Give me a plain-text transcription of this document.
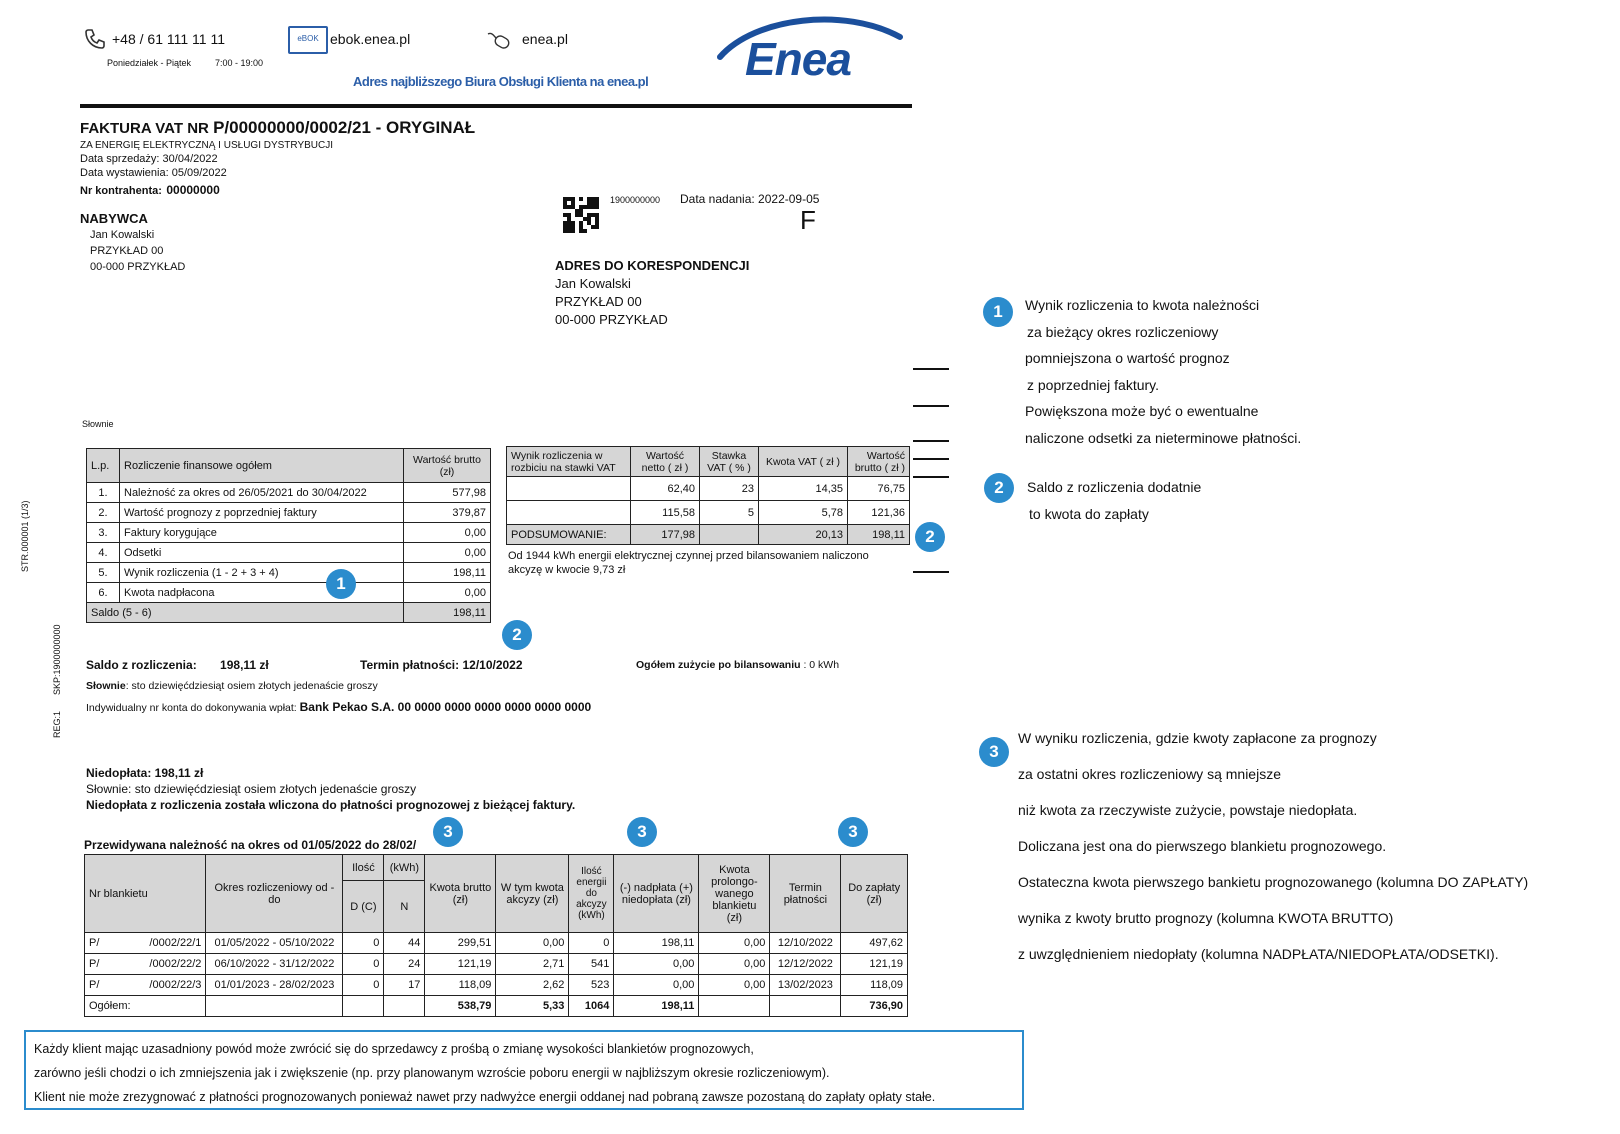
+48 / 61 111 11 11
Poniedziałek - Piątek	7:00 - 19:00
eBOK ebok.enea.pl	enea.pl	Enea
Adres najbliższego Biura Obsługi Klienta na enea.pl
FAKTURA VAT NR P/00000000/0002/21 - ORYGINAŁ
ZA ENERGIĘ ELEKTRYCZNĄ I USŁUGI DYSTRYBUCJI
Data sprzedaży: 30/04/2022
Data wystawienia: 05/09/2022
Nr kontrahenta: 00000000
1900000000 Data nadania: 2022-09-05
F
NABYWCA
Jan Kowalski
PRZYKŁAD 00
00-000 PRZYKŁAD	ADRES DO KORESPONDENCJI
Jan Kowalski
PRZYKŁAD 00
00-000 PRZYKŁAD
Słownie
L.p.	Rozliczenie finansowe ogółem	Wartość brutto (zł)
1.	Należność za okres od 26/05/2021 do 30/04/2022	577,98
2.	Wartość prognozy z poprzedniej faktury	379,87
3.	Faktury korygujące	0,00
4.	Odsetki	0,00
5.	Wynik rozliczenia (1 - 2 + 3 + 4)	198,11
6.	Kwota nadpłacona	0,00
Saldo (5 - 6)		198,11
1
2
Wynik rozliczenia w rozbiciu na stawki VAT	Wartość netto ( zł )	Stawka VAT ( % )	Kwota VAT ( zł )	Wartość brutto ( zł )
	62,40	23	14,35	76,75
	115,58	5	5,78	121,36
PODSUMOWANIE:	177,98		20,13	198,11
Od 1944 kWh energii elektrycznej czynnej przed bilansowaniem naliczono akcyzę w kwocie 9,73 zł
2
STR.000001 (1/3)
SKP:1900000000
REG:1
Saldo z rozliczenia: 198,11 zł	Termin płatności: 12/10/2022	Ogółem zużycie po bilansowaniu : 0 kWh
Słownie: sto dziewięćdziesiąt osiem złotych jedenaście groszy
Indywidualny nr konta do dokonywania wpłat: Bank Pekao S.A. 00 0000 0000 0000 0000 0000 0000
Niedopłata: 198,11 zł
Słownie: sto dziewięćdziesiąt osiem złotych jedenaście groszy
Niedopłata z rozliczenia została wliczona do płatności prognozowej z bieżącej faktury.
Przewidywana należność na okres od 01/05/2022 do 28/02/
3	3	3
Nr blankietu	Okres rozliczeniowy od - do	Ilość	(kWh)	Kwota brutto (zł)	W tym kwota akcyzy (zł)	Ilość energii do akcyzy (kWh)	(-) nadpłata (+) niedopłata (zł)	Kwota prolongo-wanego blankietu (zł)	Termin płatności	Do zapłaty (zł)
		D (C)	N							
P/ /0002/22/1	01/05/2022 - 05/10/2022	0	44	299,51	0,00	0	198,11	0,00	12/10/2022	497,62
P/ /0002/22/2	06/10/2022 - 31/12/2022	0	24	121,19	2,71	541	0,00	0,00	12/12/2022	121,19
P/ /0002/22/3	01/01/2023 - 28/02/2023	0	17	118,09	2,62	523	0,00	0,00	13/02/2023	118,09
Ogółem:				538,79	5,33	1064	198,11			736,90
1	Wynik rozliczenia to kwota należności
za bieżący okres rozliczeniowy
pomniejszona o wartość prognoz
z poprzedniej faktury.
Powiększona może być o ewentualne
naliczone odsetki za nieterminowe płatności.
2	Saldo z rozliczenia dodatnie
to kwota do zapłaty
3
W wyniku rozliczenia, gdzie kwoty zapłacone za prognozy
za ostatni okres rozliczeniowy są mniejsze
niż kwota za rzeczywiste zużycie, powstaje niedopłata.
Doliczana jest ona do pierwszego blankietu prognozowego.
Ostateczna kwota pierwszego bankietu prognozowanego (kolumna DO ZAPŁATY)
wynika z kwoty brutto prognozy (kolumna KWOTA BRUTTO)
z uwzględnieniem niedopłaty (kolumna NADPŁATA/NIEDOPŁATA/ODSETKI).
Każdy klient mając uzasadniony powód może zwrócić się do sprzedawcy z prośbą o zmianę wysokości blankietów prognozowych,
zarówno jeśli chodzi o ich zmniejszenia jak i zwiększenie (np. przy planowanym wzroście poboru energii w najbliższym okresie rozliczeniowym).
Klient nie może zrezygnować z płatności prognozowanych ponieważ nawet przy nadwyżce energii oddanej nad pobraną zawsze pozostaną do zapłaty opłaty stałe.
